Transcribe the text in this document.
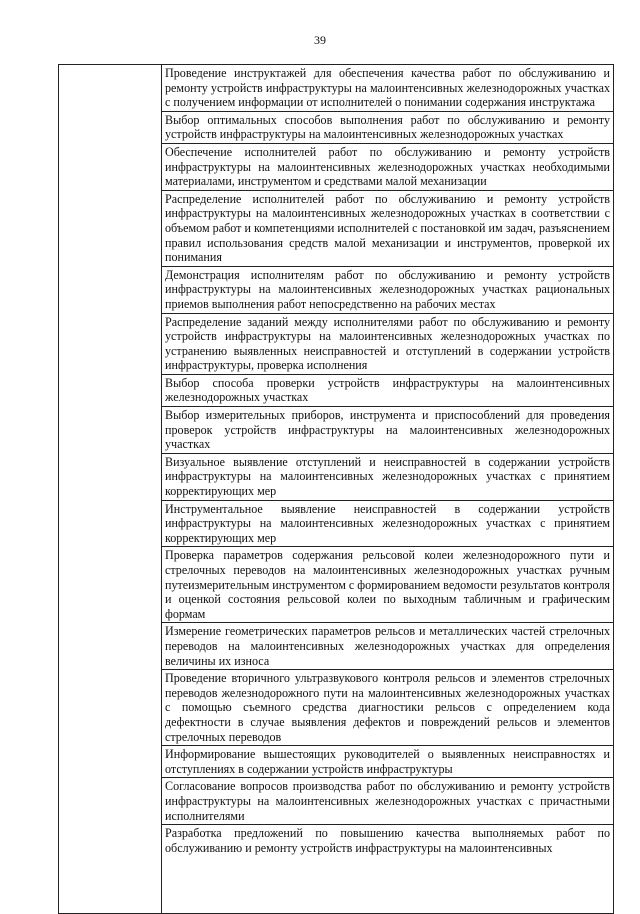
39

Проведение инструктажей для обеспечения качества работ по обслуживанию и ремонту устройств инфраструктуры на малоинтенсивных железнодорожных участках с получением информации от исполнителей о понимании содержания инструктажа
Выбор оптимальных способов выполнения работ по обслуживанию и ремонту устройств инфраструктуры на малоинтенсивных железнодорожных участках
Обеспечение исполнителей работ по обслуживанию и ремонту устройств инфраструктуры на малоинтенсивных железнодорожных участках необходимыми материалами, инструментом и средствами малой механизации
Распределение исполнителей работ по обслуживанию и ремонту устройств инфраструктуры на малоинтенсивных железнодорожных участках в соответствии с объемом работ и компетенциями исполнителей с постановкой им задач, разъяснением правил использования средств малой механизации и инструментов, проверкой их понимания
Демонстрация исполнителям работ по обслуживанию и ремонту устройств инфраструктуры на малоинтенсивных железнодорожных участках рациональных приемов выполнения работ непосредственно на рабочих местах
Распределение заданий между исполнителями работ по обслуживанию и ремонту устройств инфраструктуры на малоинтенсивных железнодорожных участках по устранению выявленных неисправностей и отступлений в содержании устройств инфраструктуры, проверка исполнения
Выбор способа проверки устройств инфраструктуры на малоинтенсивных железнодорожных участках
Выбор измерительных приборов, инструмента и приспособлений для проведения проверок устройств инфраструктуры на малоинтенсивных железнодорожных участках
Визуальное выявление отступлений и неисправностей в содержании устройств инфраструктуры на малоинтенсивных железнодорожных участках с принятием корректирующих мер
Инструментальное выявление неисправностей в содержании устройств инфраструктуры на малоинтенсивных железнодорожных участках с принятием корректирующих мер
Проверка параметров содержания рельсовой колеи железнодорожного пути и стрелочных переводов на малоинтенсивных железнодорожных участках ручным путеизмерительным инструментом с формированием ведомости результатов контроля и оценкой состояния рельсовой колеи по выходным табличным и графическим формам
Измерение геометрических параметров рельсов и металлических частей стрелочных переводов на малоинтенсивных железнодорожных участках для определения величины их износа
Проведение вторичного ультразвукового контроля рельсов и элементов стрелочных переводов железнодорожного пути на малоинтенсивных железнодорожных участках с помощью съемного средства диагностики рельсов с определением кода дефектности в случае выявления дефектов и повреждений рельсов и элементов стрелочных переводов
Информирование вышестоящих руководителей о выявленных неисправностях и отступлениях в содержании устройств инфраструктуры
Согласование вопросов производства работ по обслуживанию и ремонту устройств инфраструктуры на малоинтенсивных железнодорожных участках с причастными исполнителями
Разработка предложений по повышению качества выполняемых работ по обслуживанию и ремонту устройств инфраструктуры на малоинтенсивных
